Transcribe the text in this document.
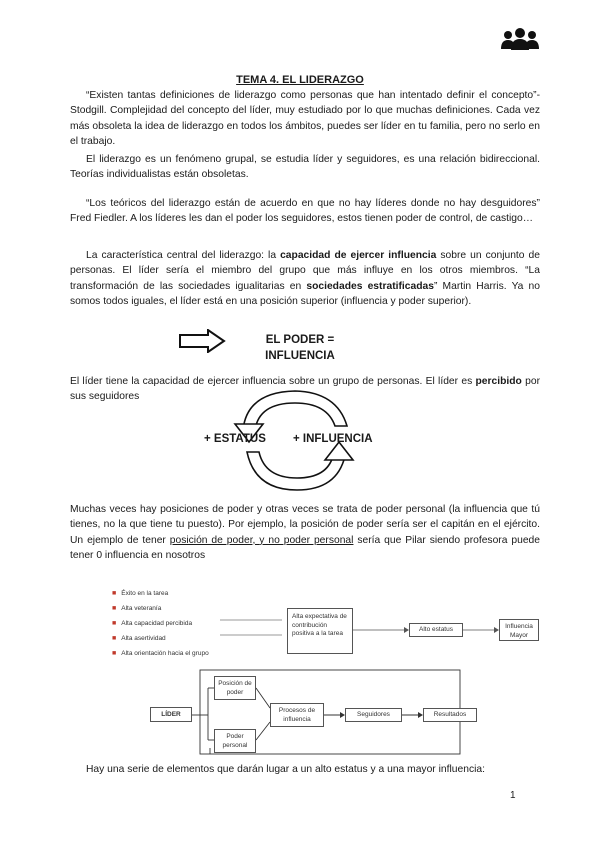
TEMA 4. EL LIDERAZGO

“Existen tantas definiciones de liderazgo como personas que han intentado definir el concepto”- Stodgill. Complejidad del concepto del líder, muy estudiado por lo que muchas definiciones. Cada vez más obsoleta la idea de liderazgo en todos los ámbitos, puedes ser líder en tu familia, pero no serlo en el trabajo.

El liderazgo es un fenómeno grupal, se estudia líder y seguidores, es una relación bidireccional. Teorías individualistas están obsoletas.

“Los teóricos del liderazgo están de acuerdo en que no hay líderes donde no hay desguidores” Fred Fiedler. A los líderes les dan el poder los seguidores, estos tienen poder de control, de castigo…

La característica central del liderazgo: la capacidad de ejercer influencia sobre un conjunto de personas. El líder sería el miembro del grupo que más influye en los otros miembros. “La transformación de las sociedades igualitarias en sociedades estratificadas” Martin Harris. Ya no somos todos iguales, el líder está en una posición superior (influencia y poder superior).

EL PODER =
INFLUENCIA

El líder tiene la capacidad de ejercer influencia sobre un grupo de personas. El líder es percibido por sus seguidores

+ ESTATUS + INFLUENCIA

Muchas veces hay posiciones de poder y otras veces se trata de poder personal (la influencia que tú tienes, no la que tiene tu puesto). Por ejemplo, la posición de poder sería ser el capitán en el ejército. Un ejemplo de tener posición de poder, y no poder personal sería que Pilar siendo profesora puede tener 0 influencia en nosotros

■ Éxito en la tarea
■ Alta veteranía
■ Alta capacidad percibida
■ Alta asertividad
■ Alta orientación hacia el grupo
Alta expectativa de contribución positiva a la tarea
Alto estatus	Influencia Mayor
LÍDER
Posición de poder
Poder personal
Procesos de influencia
Seguidores	Resultados

Hay una serie de elementos que darán lugar a un alto estatus y a una mayor influencia:

1
